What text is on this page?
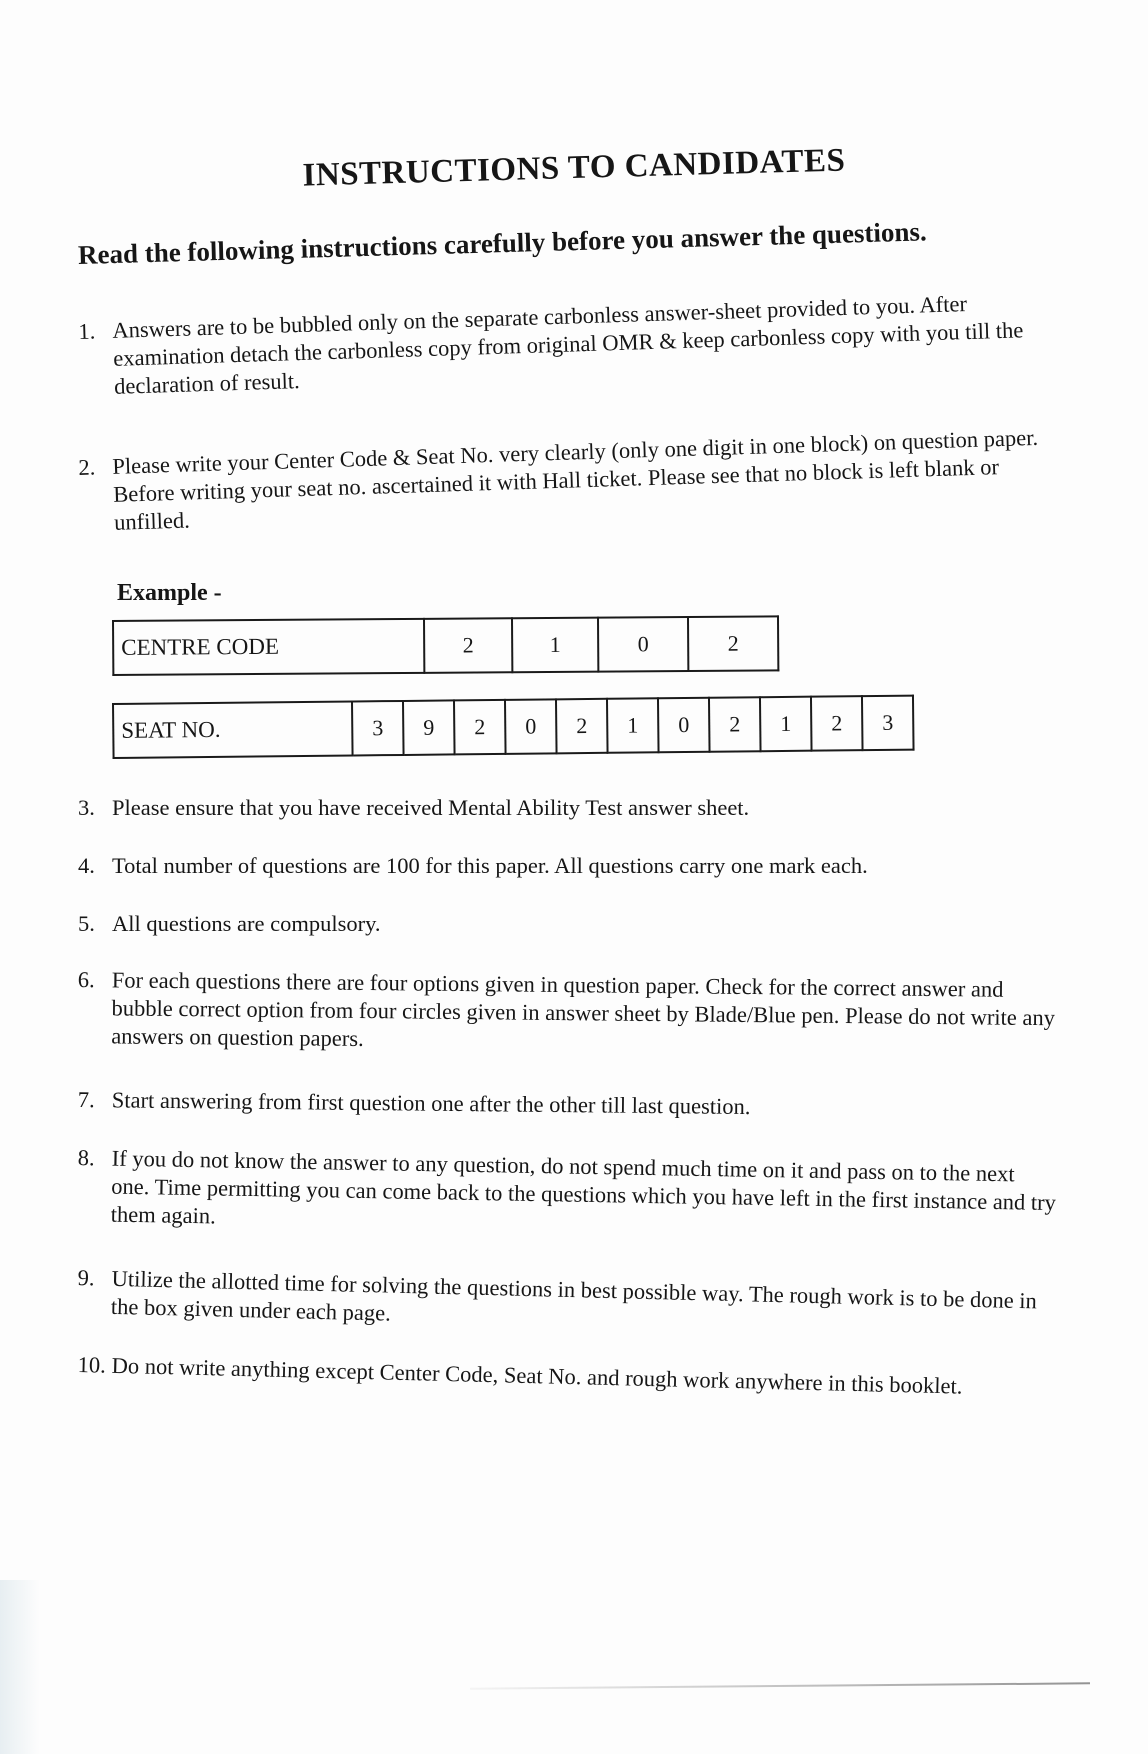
INSTRUCTIONS TO CANDIDATES
Read the following instructions carefully before you answer the questions.
1. Answers are to be bubbled only on the separate carbonless answer-sheet provided to you. After examination detach the carbonless copy from original OMR & keep carbonless copy with you till the declaration of result.
2. Please write your Center Code & Seat No. very clearly (only one digit in one block) on question paper. Before writing your seat no. ascertained it with Hall ticket. Please see that no block is left blank or unfilled.
Example -
CENTRE CODE	2	1	0	2
SEAT NO.	3	9	2	0	2	1	0	2	1	2	3
3. Please ensure that you have received Mental Ability Test answer sheet.
4. Total number of questions are 100 for this paper. All questions carry one mark each.
5. All questions are compulsory.
6. For each questions there are four options given in question paper. Check for the correct answer and bubble correct option from four circles given in answer sheet by Blade/Blue pen. Please do not write any answers on question papers.
7. Start answering from first question one after the other till last question.
8. If you do not know the answer to any question, do not spend much time on it and pass on to the next one. Time permitting you can come back to the questions which you have left in the first instance and try them again.
9. Utilize the allotted time for solving the questions in best possible way. The rough work is to be done in the box given under each page.
10. Do not write anything except Center Code, Seat No. and rough work anywhere in this booklet.
